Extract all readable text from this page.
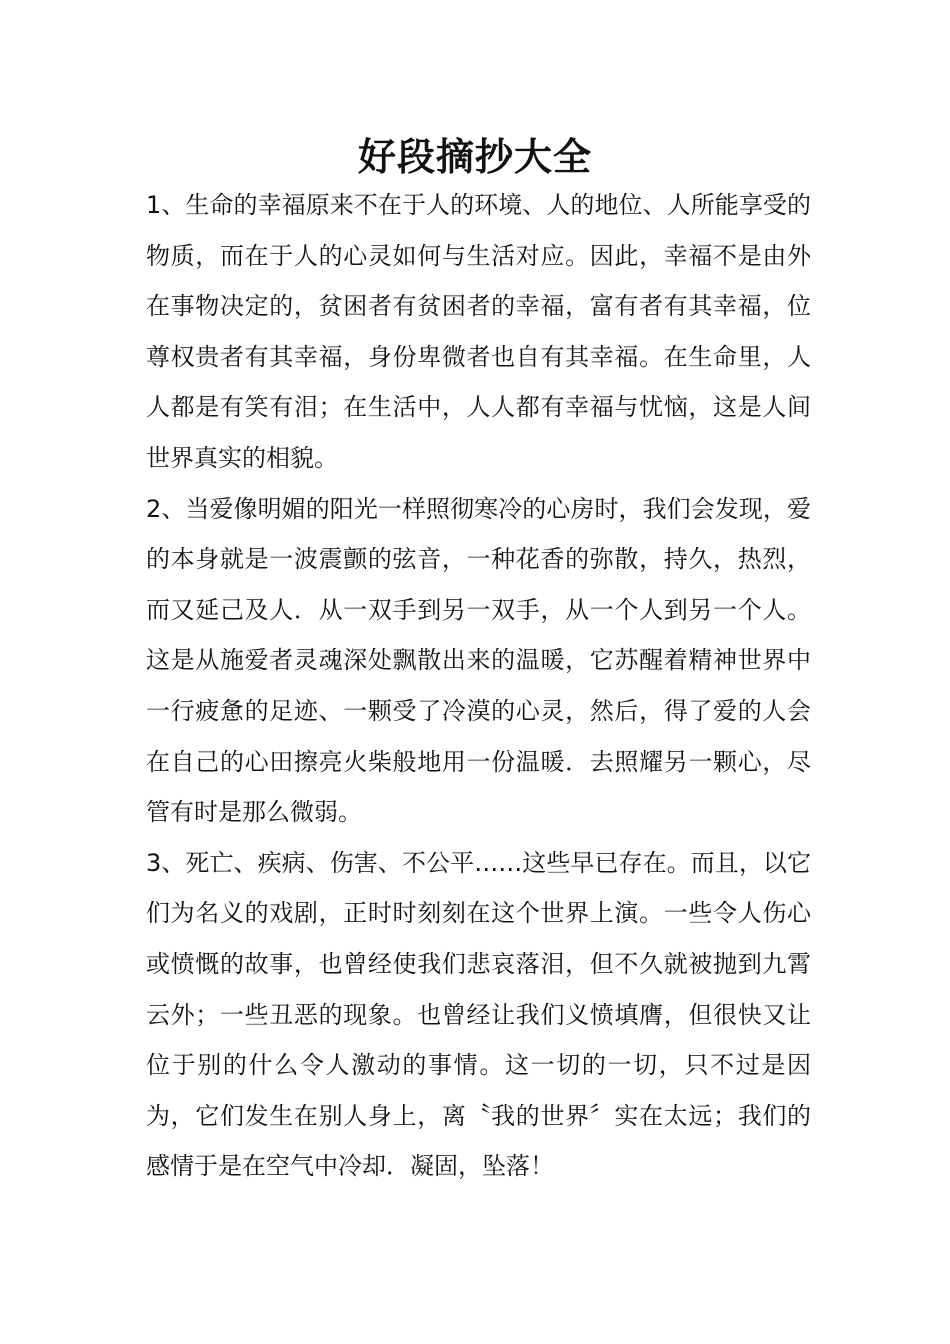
好段摘抄大全

1、生命的幸福原来不在于人的环境、人的地位、人所能享受的物质，而在于人的心灵如何与生活对应。因此，幸福不是由外在事物决定的，贫困者有贫困者的幸福，富有者有其幸福，位尊权贵者有其幸福，身份卑微者也自有其幸福。在生命里，人人都是有笑有泪；在生活中，人人都有幸福与忧恼，这是人间世界真实的相貌。

2、当爱像明媚的阳光一样照彻寒冷的心房时，我们会发现，爱的本身就是一波震颤的弦音，一种花香的弥散，持久，热烈，而又延己及人．从一双手到另一双手，从一个人到另一个人。这是从施爱者灵魂深处飘散出来的温暖，它苏醒着精神世界中一行疲惫的足迹、一颗受了冷漠的心灵，然后，得了爱的人会在自己的心田擦亮火柴般地用一份温暖．去照耀另一颗心，尽管有时是那么微弱。

3、死亡、疾病、伤害、不公平……这些早已存在。而且，以它们为名义的戏剧，正时时刻刻在这个世界上演。一些令人伤心或愤慨的故事，也曾经使我们悲哀落泪，但不久就被抛到九霄云外；一些丑恶的现象。也曾经让我们义愤填膺，但很快又让位于别的什么令人激动的事情。这一切的一切，只不过是因为，它们发生在别人身上，离〝我的世界〞实在太远；我们的感情于是在空气中冷却．凝固，坠落！
